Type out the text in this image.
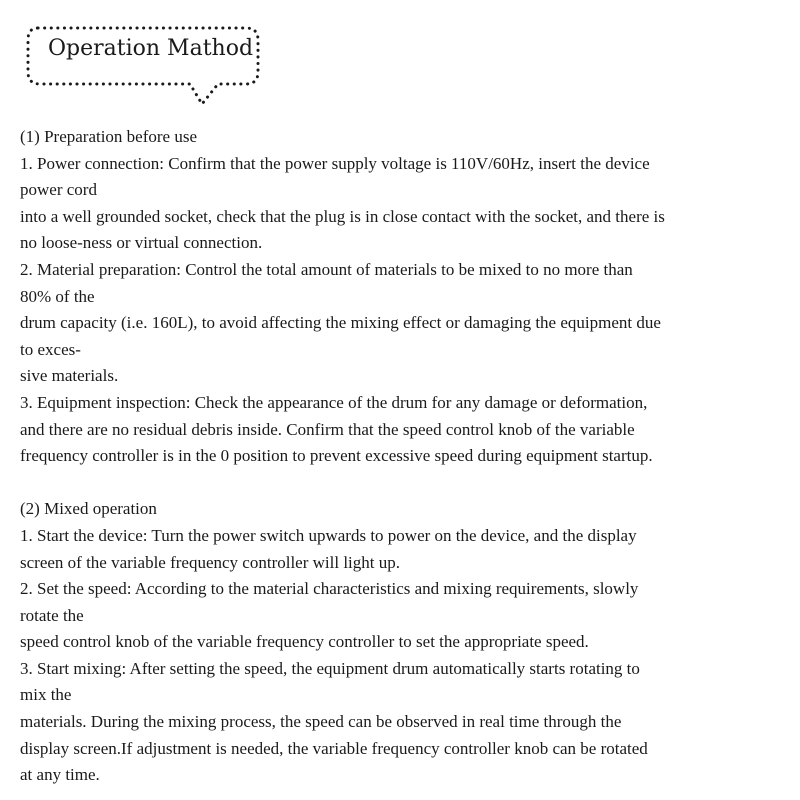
Operation Mathod
(1) Preparation before use
1. Power connection: Confirm that the power supply voltage is 110V/60Hz, insert the device
power cord
into a well grounded socket, check that the plug is in close contact with the socket, and there is
no loose-ness or virtual connection.
2. Material preparation: Control the total amount of materials to be mixed to no more than
80% of the
drum capacity (i.e. 160L), to avoid affecting the mixing effect or damaging the equipment due
to exces-
sive materials.
3. Equipment inspection: Check the appearance of the drum for any damage or deformation,
and there are no residual debris inside. Confirm that the speed control knob of the variable
frequency controller is in the 0 position to prevent excessive speed during equipment startup.
(2) Mixed operation
1. Start the device: Turn the power switch upwards to power on the device, and the display
screen of the variable frequency controller will light up.
2. Set the speed: According to the material characteristics and mixing requirements, slowly
rotate the
speed control knob of the variable frequency controller to set the appropriate speed.
3. Start mixing: After setting the speed, the equipment drum automatically starts rotating to
mix the
materials. During the mixing process, the speed can be observed in real time through the
display screen.If adjustment is needed, the variable frequency controller knob can be rotated
at any time.
